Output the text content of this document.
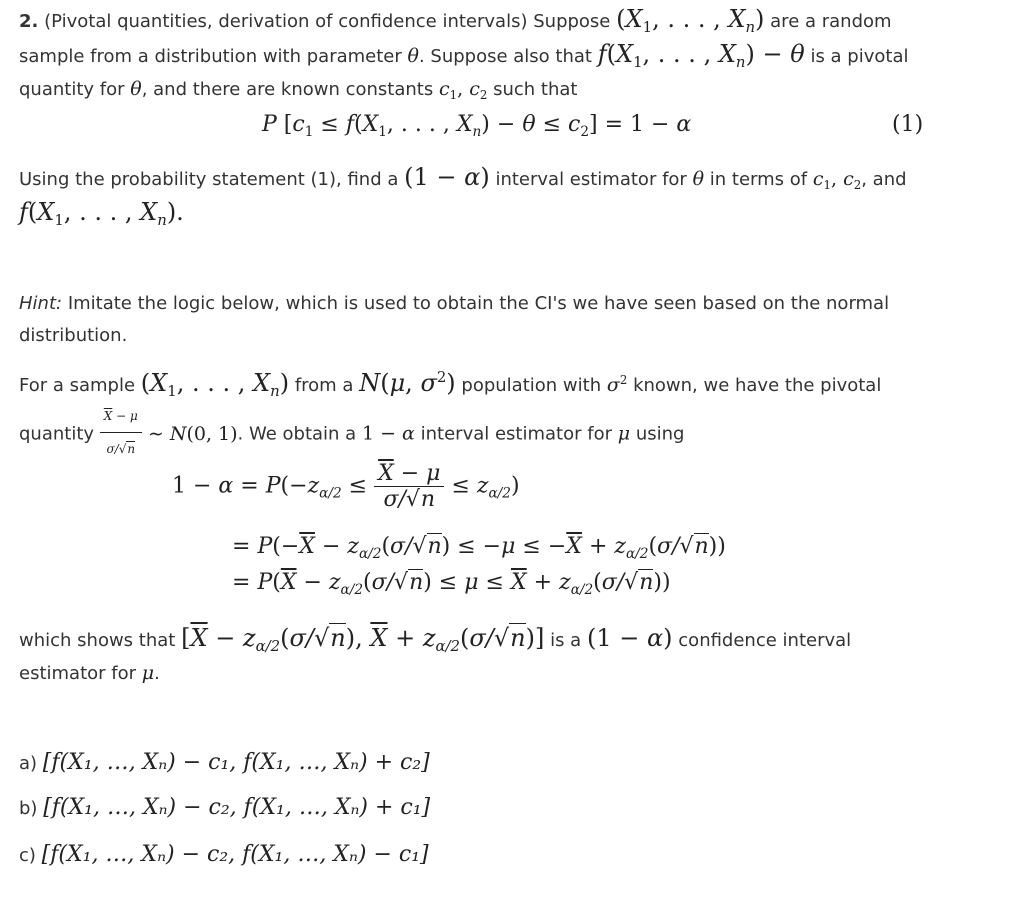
2. (Pivotal quantities, derivation of confidence intervals) Suppose ($X_1$, . . . , $X_n$) are a random sample from a distribution with parameter θ. Suppose also that $f(X_1$, . . . , $X_n) - \theta$ is a pivotal quantity for θ, and there are known constants $c_1$, $c_2$ such that

P [$c_1 \le f(X_1$, . . . , $X_n) - \theta \le c_2] = 1 - \alpha$	(1)

Using the probability statement (1), find a (1 − α) interval estimator for θ in terms of $c_1$, $c_2$, and $f(X_1$, . . . , $X_n$).

Hint: Imitate the logic below, which is used to obtain the CI's we have seen based on the normal distribution.

For a sample ($X_1$, . . . , $X_n$) from a N(μ, $\sigma^2$) population with $\sigma^2$ known, we have the pivotal quantity $\frac{\overline{X} - \mu}{\sigma/√n}$ ∼ N(0, 1). We obtain a 1 − α interval estimator for μ using

$1 - \alpha = P(-z_{\alpha/2} \le \frac{\overline{X} - \mu}{\sigma/√n} \le z_{\alpha/2})$
= $P(-\overline{X} - z_{\alpha/2}(\sigma/√n) \le -\mu \le -\overline{X} + z_{\alpha/2}(\sigma/√n))$
= $P(\overline{X} - z_{\alpha/2}(\sigma/√n) \le \mu \le \overline{X} + z_{\alpha/2}(\sigma/√n))$

which shows that [$\overline{X} - z_{\alpha/2}(\sigma/√n)$, $\overline{X} + z_{\alpha/2}(\sigma/√n)$] is a (1 − α) confidence interval estimator for μ.

a) [f(X₁, …, Xₙ) − c₁, f(X₁, …, Xₙ) + c₂]
b) [f(X₁, …, Xₙ) − c₂, f(X₁, …, Xₙ) + c₁]
c) [f(X₁, …, Xₙ) − c₂, f(X₁, …, Xₙ) − c₁]
